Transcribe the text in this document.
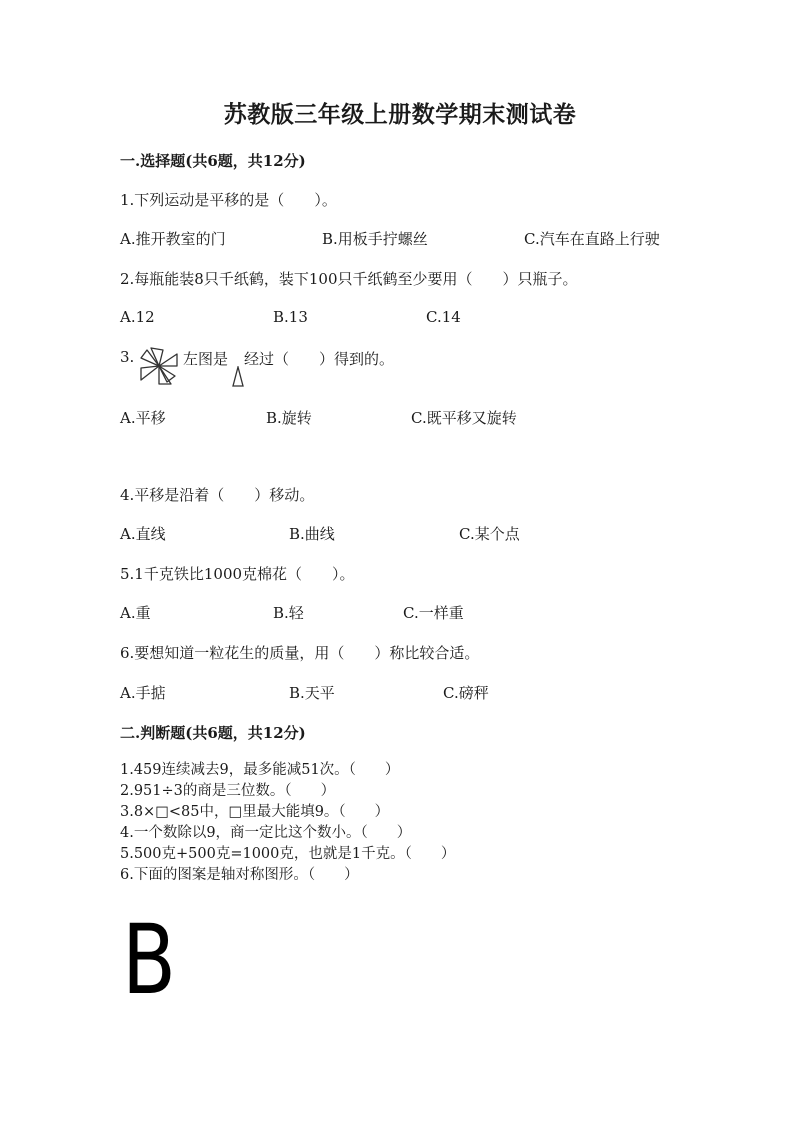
苏教版三年级上册数学期末测试卷
一.选择题(共6题，共12分)
1.下列运动是平移的是（　　）。
A.推开教室的门	B.用板手拧螺丝	C.汽车在直路上行驶
2.每瓶能装8只千纸鹤，装下100只千纸鹤至少要用（　　）只瓶子。
A.12	B.13	C.14
3.	左图是 经过（　　）得到的。
A.平移	B.旋转	C.既平移又旋转
4.平移是沿着（　　）移动。
A.直线	B.曲线	C.某个点
5.1千克铁比1000克棉花（　　）。
A.重	B.轻	C.一样重
6.要想知道一粒花生的质量，用（　　）称比较合适。
A.手掂	B.天平	C.磅秤
二.判断题(共6题，共12分)
1.459连续减去9，最多能减51次。（　　）
2.951÷3的商是三位数。（　　）
3.8×□<85中，□里最大能填9。（　　）
4.一个数除以9，商一定比这个数小。（　　）
5.500克+500克=1000克，也就是1千克。（　　）
6.下面的图案是轴对称图形。（　　）
B
